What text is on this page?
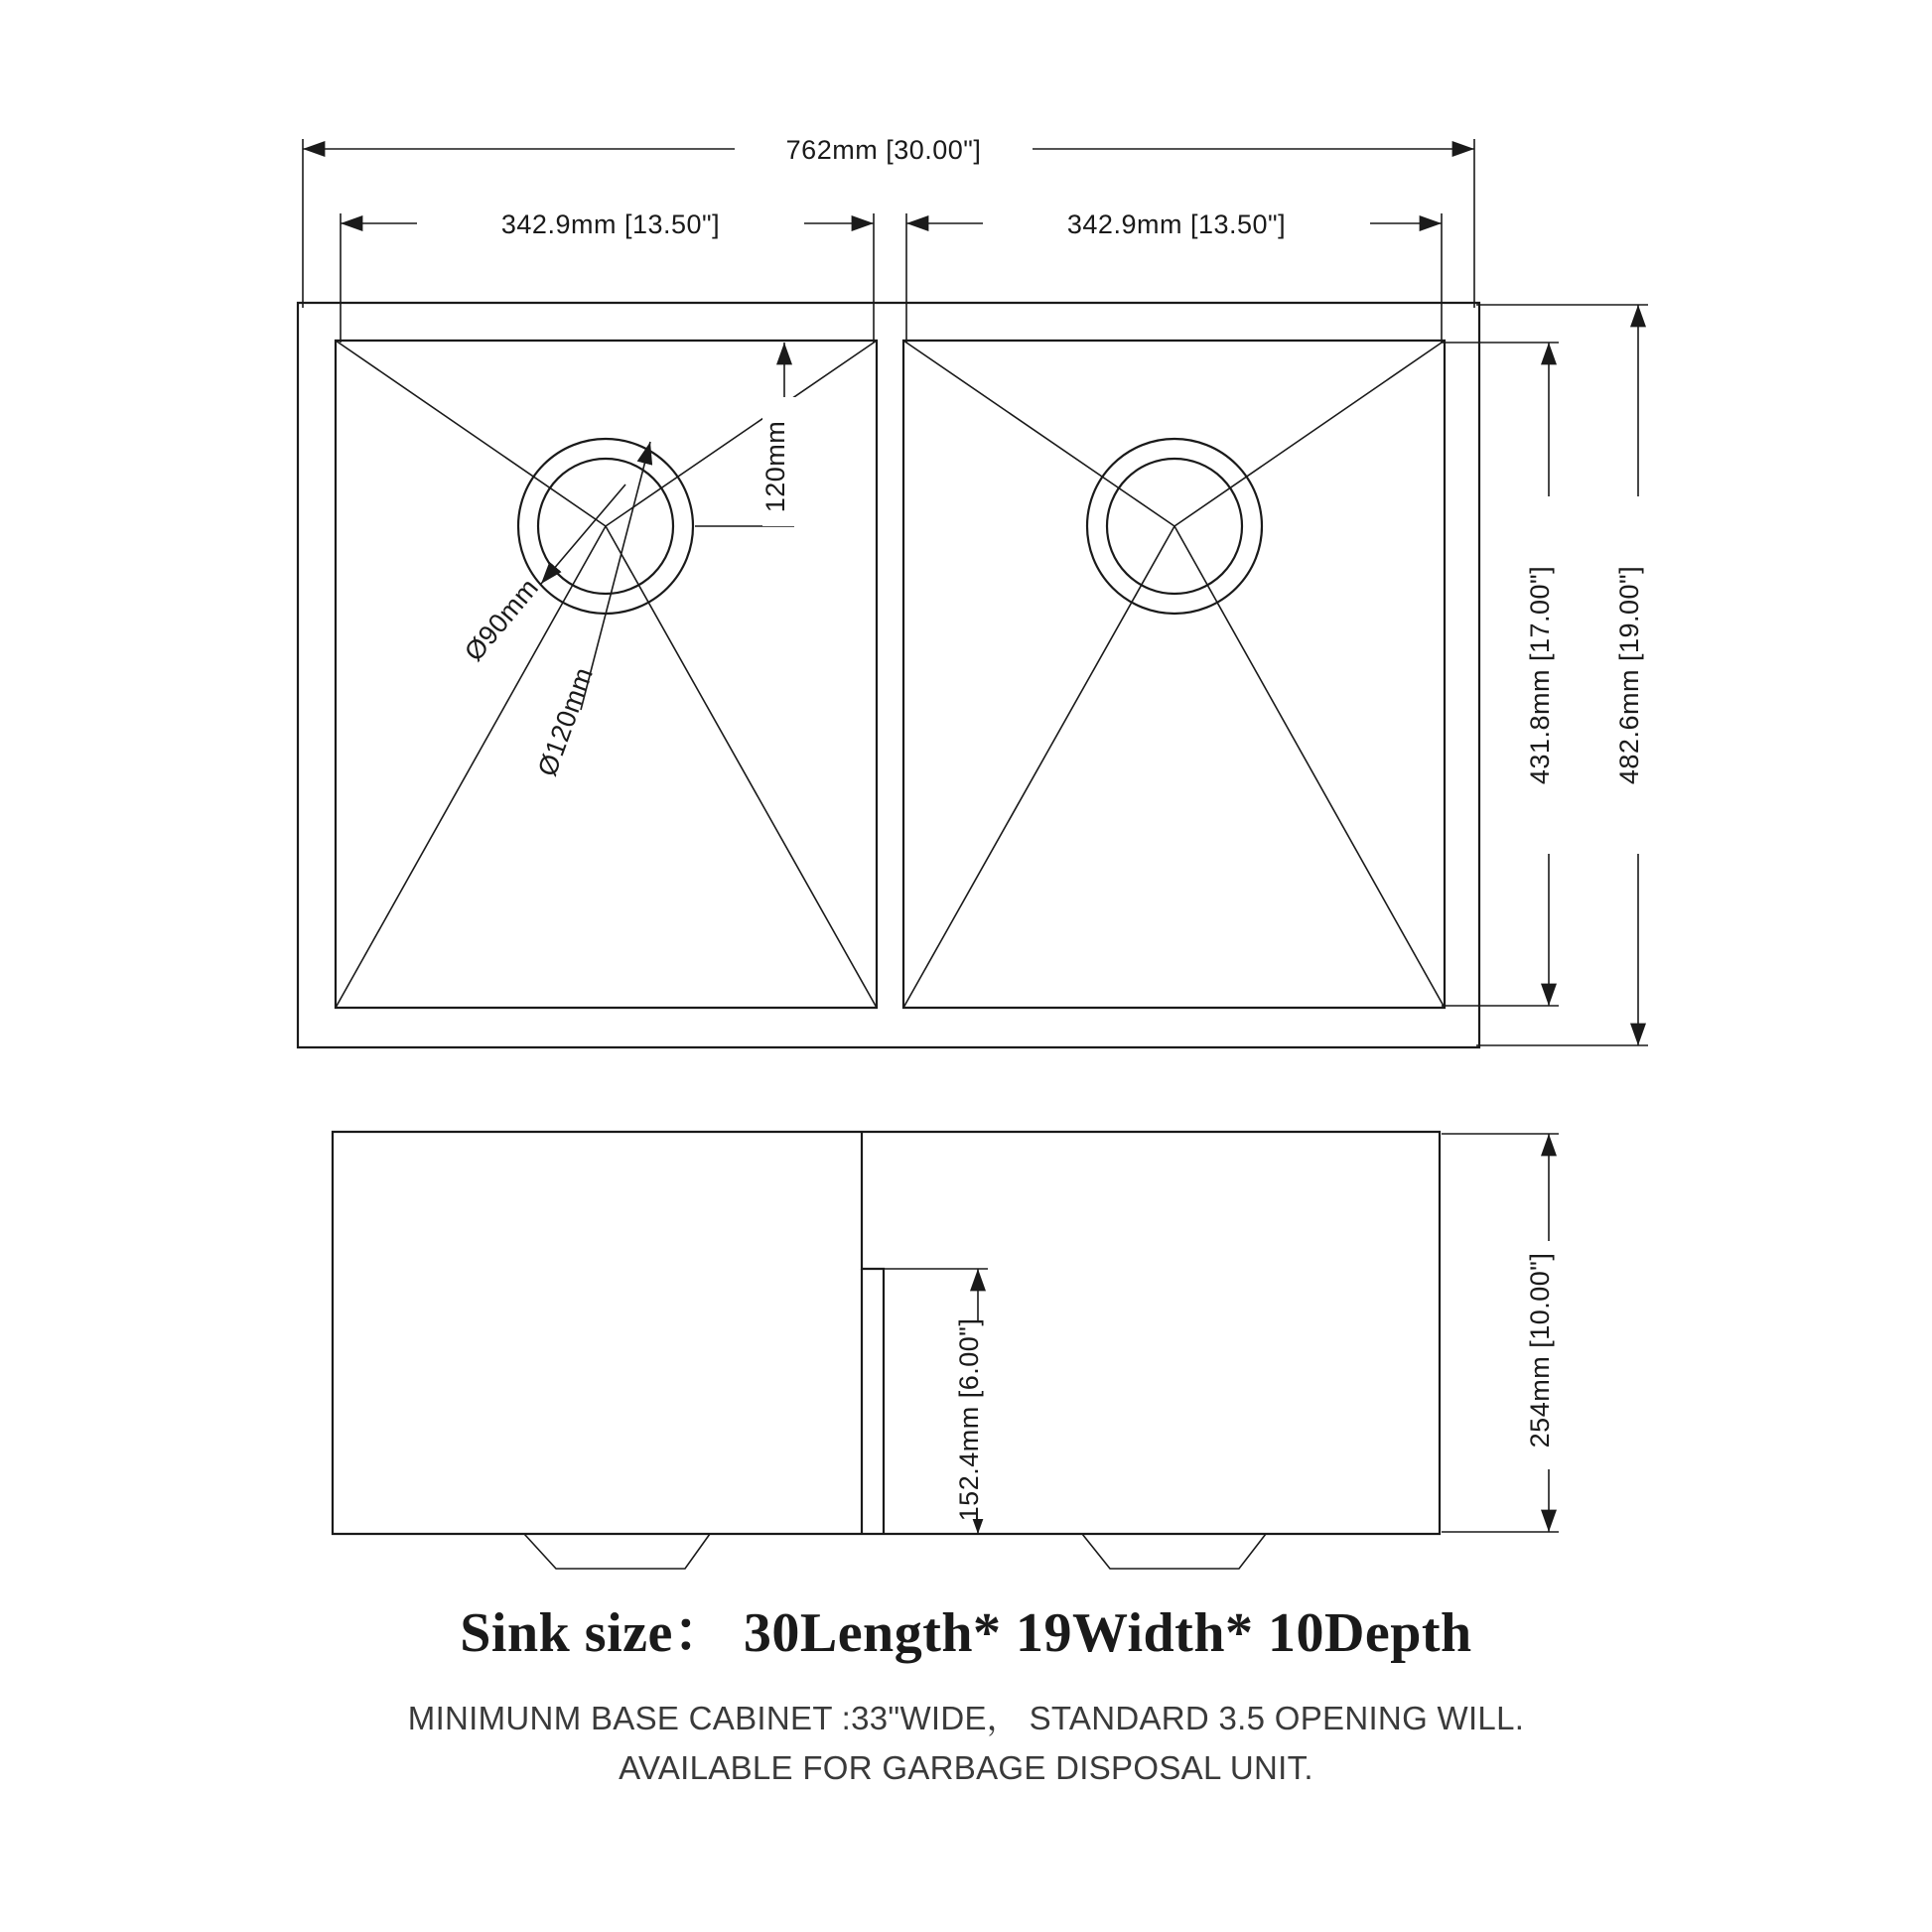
762mm [30.00"]
342.9mm [13.50"]	342.9mm [13.50"]
120mm
Ø90mm
Ø120mm	431.8mm [17.00"] 482.6mm [19.00"]
152.4mm [6.00"]	254mm [10.00"]
Sink size： 30Length* 19Width* 10Depth
MINIMUNM BASE CABINET :33"WIDE， STANDARD 3.5 OPENING WILL.
AVAILABLE FOR GARBAGE DISPOSAL UNIT.
